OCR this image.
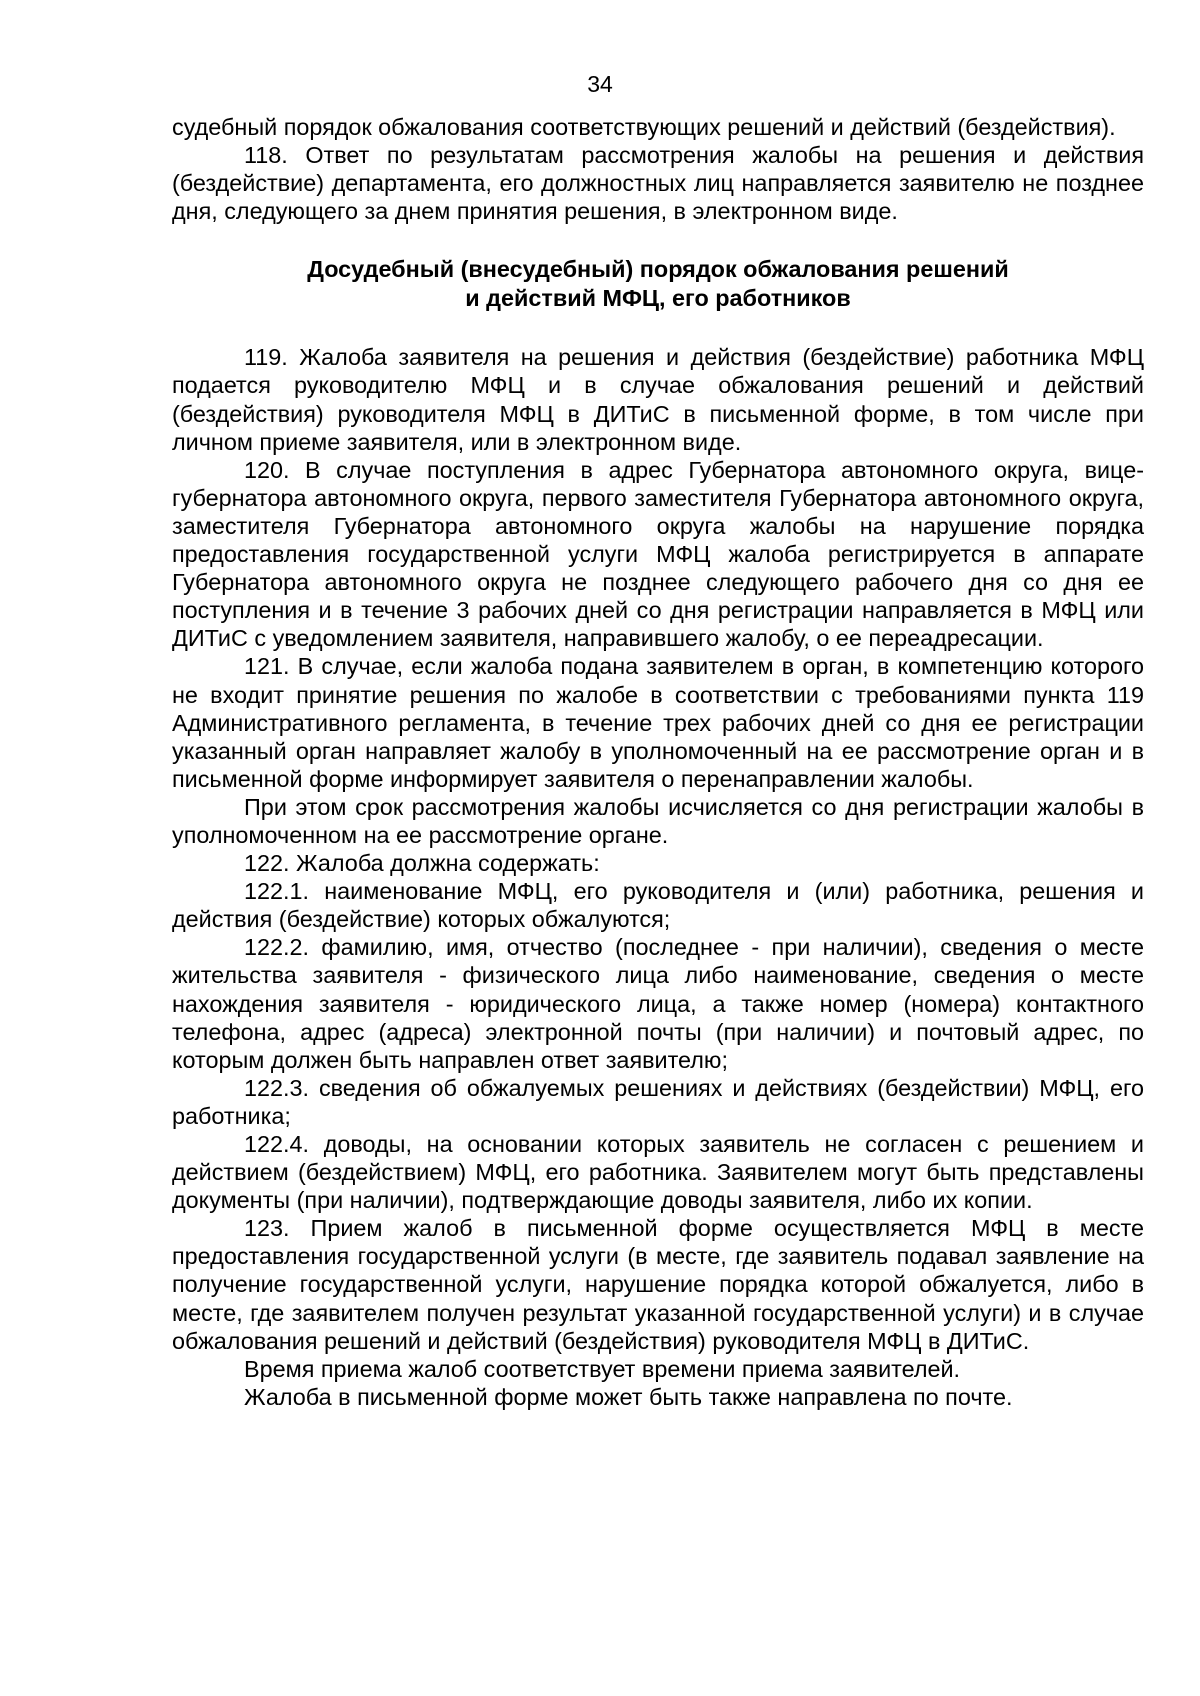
34

судебный порядок обжалования соответствующих решений и действий (бездействия).

118. Ответ по результатам рассмотрения жалобы на решения и действия (бездействие) департамента, его должностных лиц направляется заявителю не позднее дня, следующего за днем принятия решения, в электронном виде.

Досудебный (внесудебный) порядок обжалования решений
и действий МФЦ, его работников

119. Жалоба заявителя на решения и действия (бездействие) работника МФЦ подается руководителю МФЦ и в случае обжалования решений и действий (бездействия) руководителя МФЦ в ДИТиС в письменной форме, в том числе при личном приеме заявителя, или в электронном виде.

120. В случае поступления в адрес Губернатора автономного округа, вице-губернатора автономного округа, первого заместителя Губернатора автономного округа, заместителя Губернатора автономного округа жалобы на нарушение порядка предоставления государственной услуги МФЦ жалоба регистрируется в аппарате Губернатора автономного округа не позднее следующего рабочего дня со дня ее поступления и в течение 3 рабочих дней со дня регистрации направляется в МФЦ или ДИТиС с уведомлением заявителя, направившего жалобу, о ее переадресации.

121. В случае, если жалоба подана заявителем в орган, в компетенцию которого не входит принятие решения по жалобе в соответствии с требованиями пункта 119 Административного регламента, в течение трех рабочих дней со дня ее регистрации указанный орган направляет жалобу в уполномоченный на ее рассмотрение орган и в письменной форме информирует заявителя о перенаправлении жалобы.

При этом срок рассмотрения жалобы исчисляется со дня регистрации жалобы в уполномоченном на ее рассмотрение органе.

122. Жалоба должна содержать:

122.1. наименование МФЦ, его руководителя и (или) работника, решения и действия (бездействие) которых обжалуются;

122.2. фамилию, имя, отчество (последнее - при наличии), сведения о месте жительства заявителя - физического лица либо наименование, сведения о месте нахождения заявителя - юридического лица, а также номер (номера) контактного телефона, адрес (адреса) электронной почты (при наличии) и почтовый адрес, по которым должен быть направлен ответ заявителю;

122.3. сведения об обжалуемых решениях и действиях (бездействии) МФЦ, его работника;

122.4. доводы, на основании которых заявитель не согласен с решением и действием (бездействием) МФЦ, его работника. Заявителем могут быть представлены документы (при наличии), подтверждающие доводы заявителя, либо их копии.

123. Прием жалоб в письменной форме осуществляется МФЦ в месте предоставления государственной услуги (в месте, где заявитель подавал заявление на получение государственной услуги, нарушение порядка которой обжалуется, либо в месте, где заявителем получен результат указанной государственной услуги) и в случае обжалования решений и действий (бездействия) руководителя МФЦ в ДИТиС.

Время приема жалоб соответствует времени приема заявителей.

Жалоба в письменной форме может быть также направлена по почте.
